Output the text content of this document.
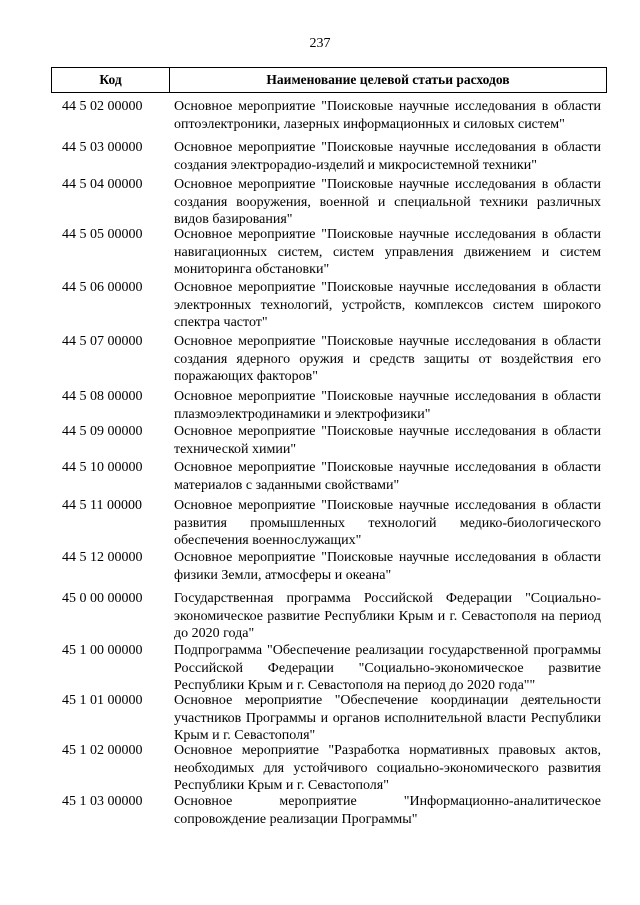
237
Код	Наименование целевой статьи расходов
44 5 02 00000 Основное мероприятие "Поисковые научные исследования в области оптоэлектроники, лазерных информационных и силовых систем"
44 5 03 00000 Основное мероприятие "Поисковые научные исследования в области создания электрорадио-изделий и микросистемной техники"
44 5 04 00000 Основное мероприятие "Поисковые научные исследования в области создания вооружения, военной и специальной техники различных видов базирования"
44 5 05 00000 Основное мероприятие "Поисковые научные исследования в области навигационных систем, систем управления движением и систем мониторинга обстановки"
44 5 06 00000 Основное мероприятие "Поисковые научные исследования в области электронных технологий, устройств, комплексов систем широкого спектра частот"
44 5 07 00000 Основное мероприятие "Поисковые научные исследования в области создания ядерного оружия и средств защиты от воздействия его поражающих факторов"
44 5 08 00000 Основное мероприятие "Поисковые научные исследования в области плазмоэлектродинамики и электрофизики"
44 5 09 00000 Основное мероприятие "Поисковые научные исследования в области технической химии"
44 5 10 00000 Основное мероприятие "Поисковые научные исследования в области материалов с заданными свойствами"
44 5 11 00000 Основное мероприятие "Поисковые научные исследования в области развития промышленных технологий медико-биологического обеспечения военнослужащих"
44 5 12 00000 Основное мероприятие "Поисковые научные исследования в области физики Земли, атмосферы и океана"
45 0 00 00000 Государственная программа Российской Федерации "Социально-экономическое развитие Республики Крым и г. Севастополя на период до 2020 года"
45 1 00 00000 Подпрограмма "Обеспечение реализации государственной программы Российской Федерации "Социально-экономическое развитие Республики Крым и г. Севастополя на период до 2020 года""
45 1 01 00000 Основное мероприятие "Обеспечение координации деятельности участников Программы и органов исполнительной власти Республики Крым и г. Севастополя"
45 1 02 00000 Основное мероприятие "Разработка нормативных правовых актов, необходимых для устойчивого социально-экономического развития Республики Крым и г. Севастополя"
45 1 03 00000 Основное мероприятие "Информационно-аналитическое сопровождение реализации Программы"
